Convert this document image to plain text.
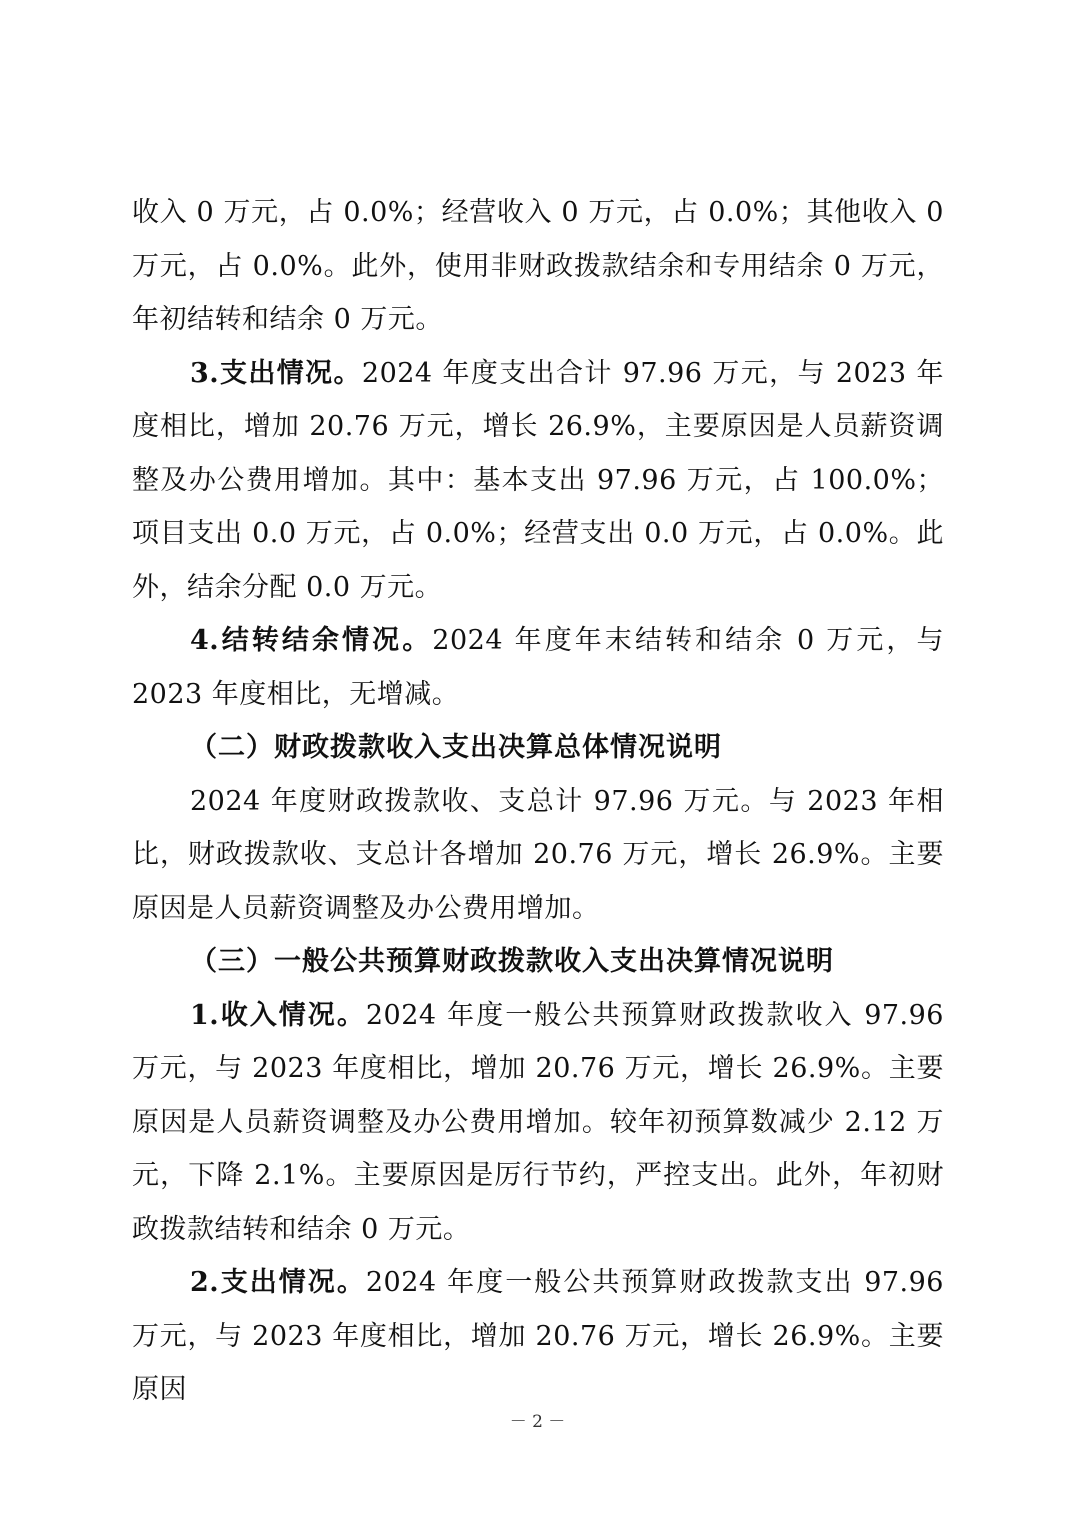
收入 0 万元，占 0.0%；经营收入 0 万元，占 0.0%；其他收入 0 万元，占 0.0%。此外，使用非财政拨款结余和专用结余 0 万元，年初结转和结余 0 万元。

3.支出情况。2024 年度支出合计 97.96 万元，与 2023 年度相比，增加 20.76 万元，增长 26.9%，主要原因是人员薪资调整及办公费用增加。其中：基本支出 97.96 万元，占 100.0%；项目支出 0.0 万元，占 0.0%；经营支出 0.0 万元，占 0.0%。此外，结余分配 0.0 万元。

4.结转结余情况。2024 年度年末结转和结余 0 万元，与 2023 年度相比，无增减。

（二）财政拨款收入支出决算总体情况说明

2024 年度财政拨款收、支总计 97.96 万元。与 2023 年相比，财政拨款收、支总计各增加 20.76 万元，增长 26.9%。主要原因是人员薪资调整及办公费用增加。

（三）一般公共预算财政拨款收入支出决算情况说明

1.收入情况。2024 年度一般公共预算财政拨款收入 97.96 万元，与 2023 年度相比，增加 20.76 万元，增长 26.9%。主要原因是人员薪资调整及办公费用增加。较年初预算数减少 2.12 万元，下降 2.1%。主要原因是厉行节约，严控支出。此外，年初财政拨款结转和结余 0 万元。

2.支出情况。2024 年度一般公共预算财政拨款支出 97.96 万元，与 2023 年度相比，增加 20.76 万元，增长 26.9%。主要原因

－ 2 －
